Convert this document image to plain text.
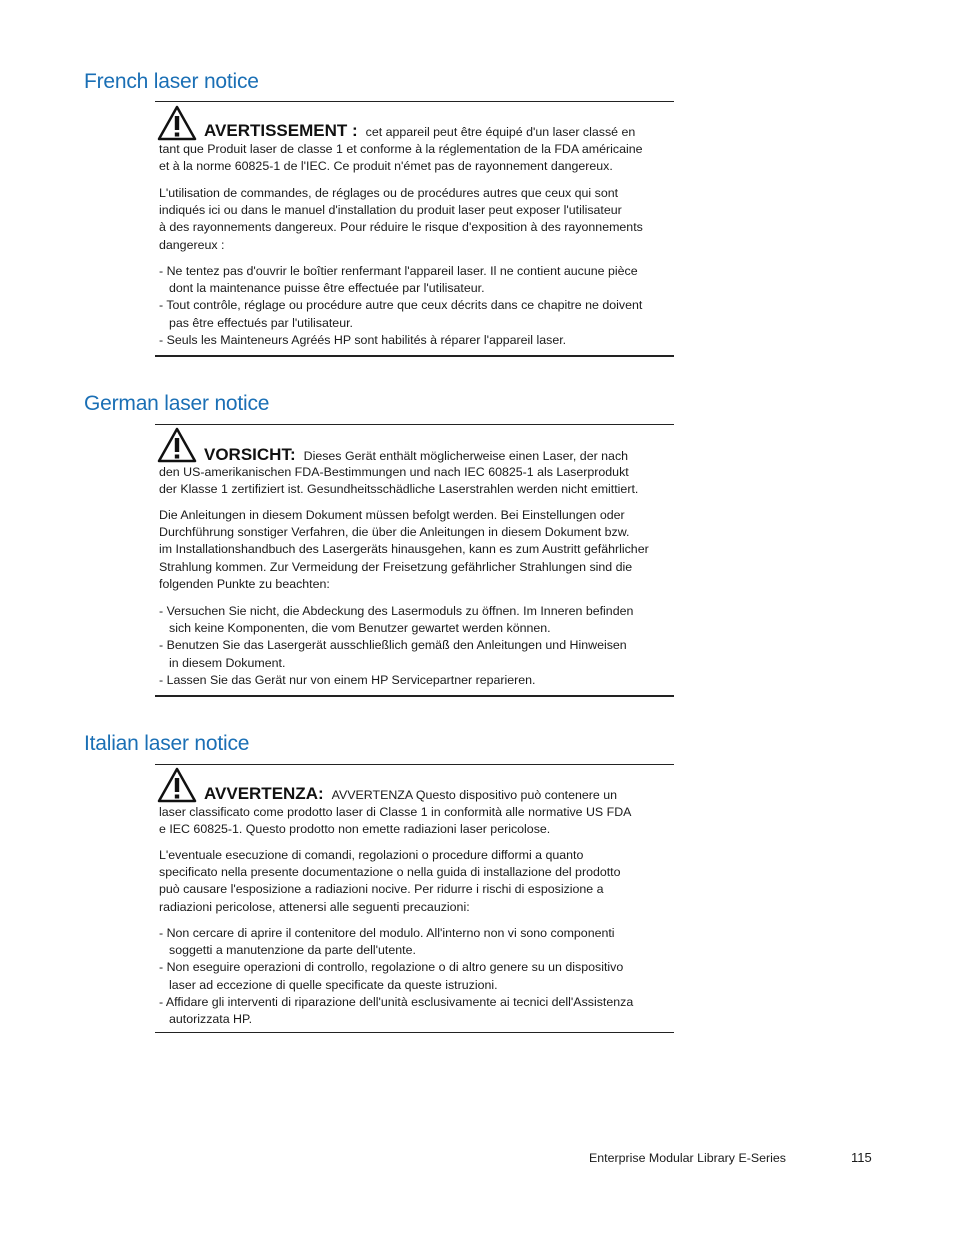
French laser notice
AVERTISSEMENT : cet appareil peut être équipé d'un laser classé en
tant que Produit laser de classe 1 et conforme à la réglementation de la FDA américaine
et à la norme 60825-1 de l'IEC. Ce produit n'émet pas de rayonnement dangereux.
L'utilisation de commandes, de réglages ou de procédures autres que ceux qui sont
indiqués ici ou dans le manuel d'installation du produit laser peut exposer l'utilisateur
à des rayonnements dangereux. Pour réduire le risque d'exposition à des rayonnements
dangereux :
- Ne tentez pas d'ouvrir le boîtier renfermant l'appareil laser. Il ne contient aucune pièce
dont la maintenance puisse être effectuée par l'utilisateur.
- Tout contrôle, réglage ou procédure autre que ceux décrits dans ce chapitre ne doivent
pas être effectués par l'utilisateur.
- Seuls les Mainteneurs Agréés HP sont habilités à réparer l'appareil laser.
German laser notice
VORSICHT: Dieses Gerät enthält möglicherweise einen Laser, der nach
den US-amerikanischen FDA-Bestimmungen und nach IEC 60825-1 als Laserprodukt
der Klasse 1 zertifiziert ist. Gesundheitsschädliche Laserstrahlen werden nicht emittiert.
Die Anleitungen in diesem Dokument müssen befolgt werden. Bei Einstellungen oder
Durchführung sonstiger Verfahren, die über die Anleitungen in diesem Dokument bzw.
im Installationshandbuch des Lasergeräts hinausgehen, kann es zum Austritt gefährlicher
Strahlung kommen. Zur Vermeidung der Freisetzung gefährlicher Strahlungen sind die
folgenden Punkte zu beachten:
- Versuchen Sie nicht, die Abdeckung des Lasermoduls zu öffnen. Im Inneren befinden
sich keine Komponenten, die vom Benutzer gewartet werden können.
- Benutzen Sie das Lasergerät ausschließlich gemäß den Anleitungen und Hinweisen
in diesem Dokument.
- Lassen Sie das Gerät nur von einem HP Servicepartner reparieren.
Italian laser notice
AVVERTENZA: AVVERTENZA Questo dispositivo può contenere un
laser classificato come prodotto laser di Classe 1 in conformità alle normative US FDA
e IEC 60825-1. Questo prodotto non emette radiazioni laser pericolose.
L'eventuale esecuzione di comandi, regolazioni o procedure difformi a quanto
specificato nella presente documentazione o nella guida di installazione del prodotto
può causare l'esposizione a radiazioni nocive. Per ridurre i rischi di esposizione a
radiazioni pericolose, attenersi alle seguenti precauzioni:
- Non cercare di aprire il contenitore del modulo. All'interno non vi sono componenti
soggetti a manutenzione da parte dell'utente.
- Non eseguire operazioni di controllo, regolazione o di altro genere su un dispositivo
laser ad eccezione di quelle specificate da queste istruzioni.
- Affidare gli interventi di riparazione dell'unità esclusivamente ai tecnici dell'Assistenza
autorizzata HP.
Enterprise Modular Library E-Series	115
